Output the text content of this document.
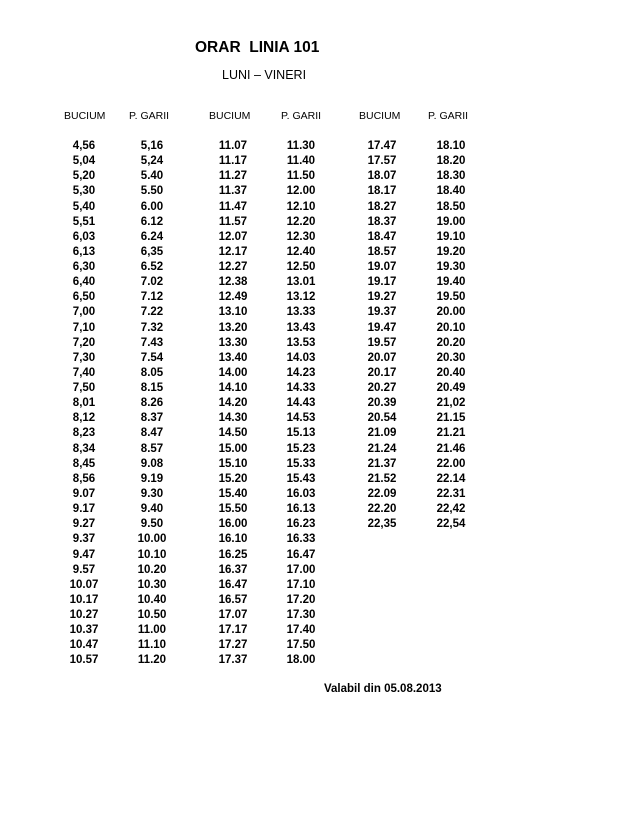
ORAR  LINIA 101
LUNI – VINERI
BUCIUM
4,56
5,04
5,20
5,30
5,40
5,51
6,03
6,13
6,30
6,40
6,50
7,00
7,10
7,20
7,30
7,40
7,50
8,01
8,12
8,23
8,34
8,45
8,56
9.07
9.17
9.27
9.37
9.47
9.57
10.07
10.17
10.27
10.37
10.47
10.57
P. GARII
5,16
5,24
5.40
5.50
6.00
6.12
6.24
6,35
6.52
7.02
7.12
7.22
7.32
7.43
7.54
8.05
8.15
8.26
8.37
8.47
8.57
9.08
9.19
9.30
9.40
9.50
10.00
10.10
10.20
10.30
10.40
10.50
11.00
11.10
11.20
BUCIUM
11.07
11.17
11.27
11.37
11.47
11.57
12.07
12.17
12.27
12.38
12.49
13.10
13.20
13.30
13.40
14.00
14.10
14.20
14.30
14.50
15.00
15.10
15.20
15.40
15.50
16.00
16.10
16.25
16.37
16.47
16.57
17.07
17.17
17.27
17.37
P. GARII
11.30
11.40
11.50
12.00
12.10
12.20
12.30
12.40
12.50
13.01
13.12
13.33
13.43
13.53
14.03
14.23
14.33
14.43
14.53
15.13
15.23
15.33
15.43
16.03
16.13
16.23
16.33
16.47
17.00
17.10
17.20
17.30
17.40
17.50
18.00
BUCIUM
17.47
17.57
18.07
18.17
18.27
18.37
18.47
18.57
19.07
19.17
19.27
19.37
19.47
19.57
20.07
20.17
20.27
20.39
20.54
21.09
21.24
21.37
21.52
22.09
22.20
22,35
P. GARII
18.10
18.20
18.30
18.40
18.50
19.00
19.10
19.20
19.30
19.40
19.50
20.00
20.10
20.20
20.30
20.40
20.49
21,02
21.15
21.21
21.46
22.00
22.14
22.31
22,42
22,54
Valabil din 05.08.2013
